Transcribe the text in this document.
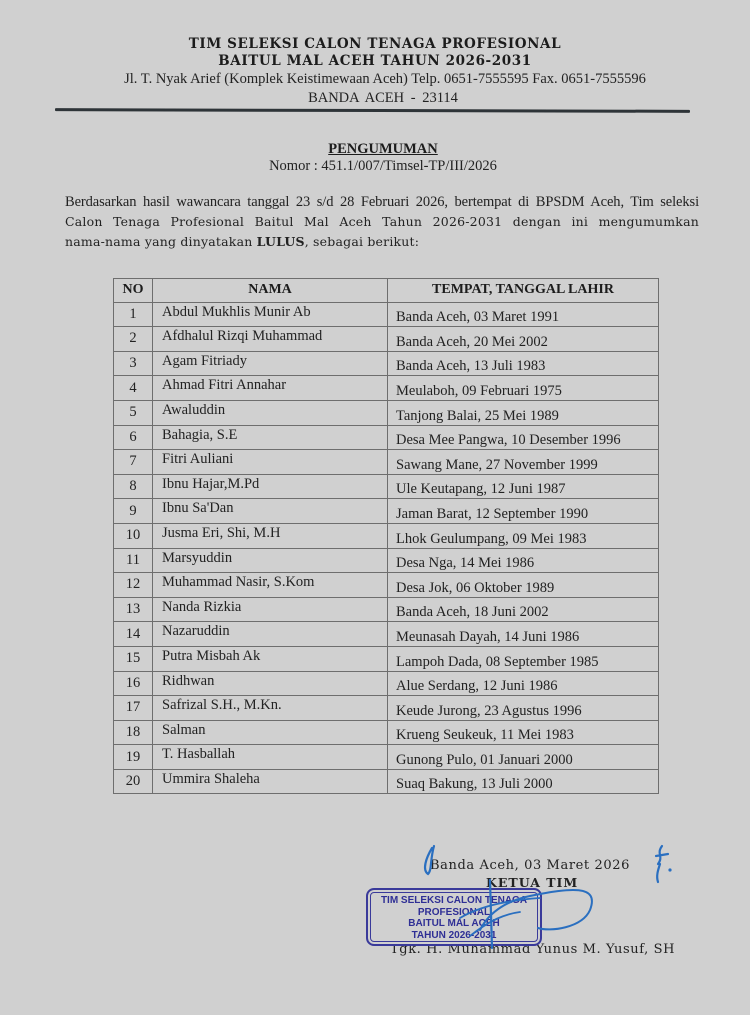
TIM SELEKSI CALON TENAGA PROFESIONAL
BAITUL MAL ACEH TAHUN 2026-2031
Jl. T. Nyak Arief (Komplek Keistimewaan Aceh) Telp. 0651-7555595 Fax. 0651-7555596
BANDA ACEH - 23114
PENGUMUMAN
Nomor : 451.1/007/Timsel-TP/III/2026
Berdasarkan hasil wawancara tanggal 23 s/d 28 Februari 2026, bertempat di BPSDM Aceh, Tim seleksi
Calon Tenaga Profesional Baitul Mal Aceh Tahun 2026-2031 dengan ini mengumumkan
nama-nama yang dinyatakan LULUS, sebagai berikut:
NO	NAMA	TEMPAT, TANGGAL LAHIR
1	Abdul Mukhlis Munir Ab	Banda Aceh, 03 Maret 1991
2	Afdhalul Rizqi Muhammad	Banda Aceh, 20 Mei 2002
3	Agam Fitriady	Banda Aceh, 13 Juli 1983
4	Ahmad Fitri Annahar	Meulaboh, 09 Februari 1975
5	Awaluddin	Tanjong Balai, 25 Mei 1989
6	Bahagia, S.E	Desa Mee Pangwa, 10 Desember 1996
7	Fitri Auliani	Sawang Mane, 27 November 1999
8	Ibnu Hajar,M.Pd	Ule Keutapang, 12 Juni 1987
9	Ibnu Sa'Dan	Jaman Barat, 12 September 1990
10	Jusma Eri, Shi, M.H	Lhok Geulumpang, 09 Mei 1983
11	Marsyuddin	Desa Nga, 14 Mei 1986
12	Muhammad Nasir, S.Kom	Desa Jok, 06 Oktober 1989
13	Nanda Rizkia	Banda Aceh, 18 Juni 2002
14	Nazaruddin	Meunasah Dayah, 14 Juni 1986
15	Putra Misbah Ak	Lampoh Dada, 08 September 1985
16	Ridhwan	Alue Serdang, 12 Juni 1986
17	Safrizal S.H., M.Kn.	Keude Jurong, 23 Agustus 1996
18	Salman	Krueng Seukeuk, 11 Mei 1983
19	T. Hasballah	Gunong Pulo, 01 Januari 2000
20	Ummira Shaleha	Suaq Bakung, 13 Juli 2000
Banda Aceh, 03 Maret 2026
KETUA TIM
Tgk. H. Muhammad Yunus M. Yusuf, SH
TIM SELEKSI CALON TENAGA
PROFESIONAL
BAITUL MAL ACEH
TAHUN 2026-2031
